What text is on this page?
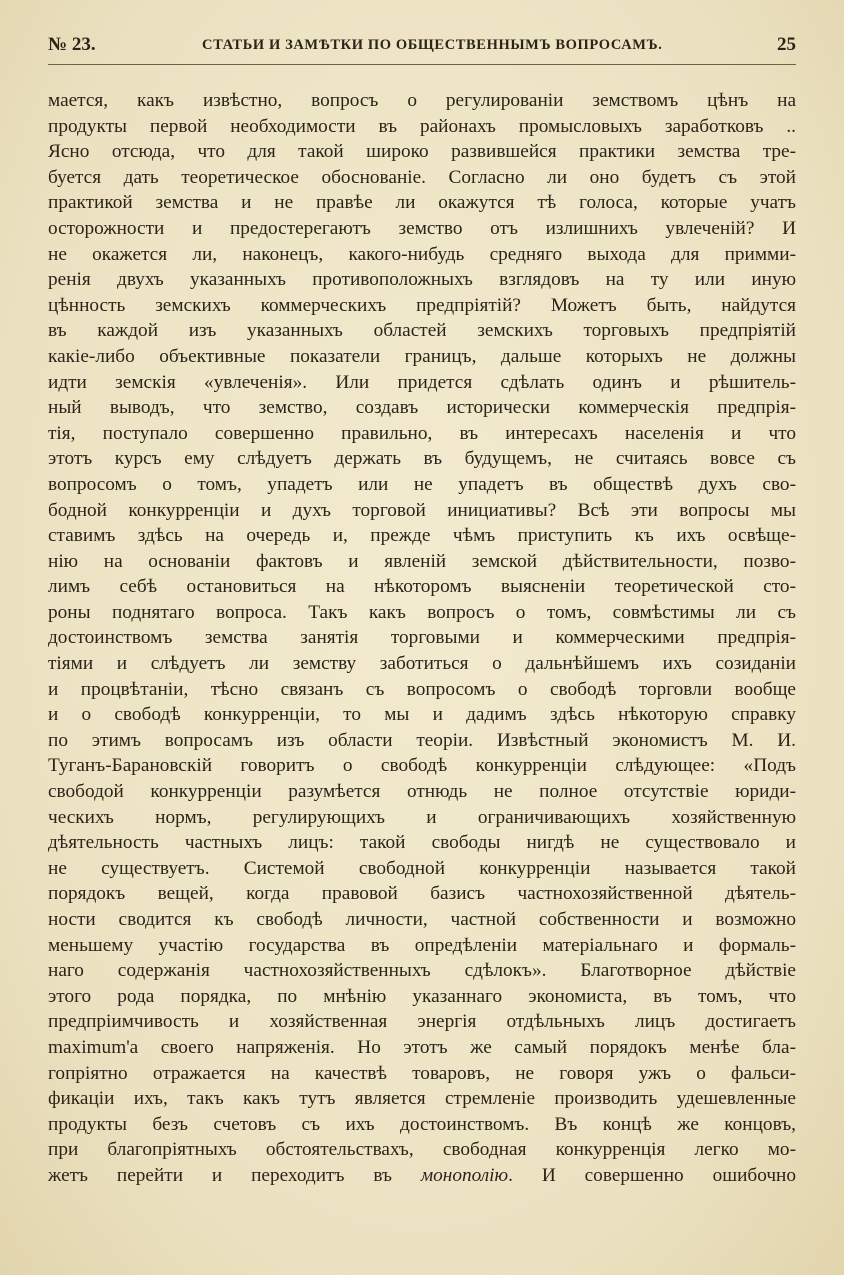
№ 23.	СТАТЬИ И ЗАМѢТКИ ПО ОБЩЕСТВЕННЫМЪ ВОПРОСАМЪ.	25
мается, какъ извѣстно, вопросъ о регулированіи земствомъ цѣнъ на
продукты первой необходимости въ районахъ промысловыхъ заработковъ ..
Ясно отсюда, что для такой широко развившейся практики земства тре-
буется дать теоретическое обоснованіе. Согласно ли оно будетъ съ этой
практикой земства и не правѣе ли окажутся тѣ голоса, которые учатъ
осторожности и предостерегаютъ земство отъ излишнихъ увлеченій? И
не окажется ли, наконецъ, какого-нибудь средняго выхода для примми-
ренія двухъ указанныхъ противоположныхъ взглядовъ на ту или иную
цѣнность земскихъ коммерческихъ предпріятій? Можетъ быть, найдутся
въ каждой изъ указанныхъ областей земскихъ торговыхъ предпріятій
какіе-либо объективные показатели границъ, дальше которыхъ не должны
идти земскія «увлеченія». Или придется сдѣлать одинъ и рѣшитель-
ный выводъ, что земство, создавъ исторически коммерческія предпрія-
тія, поступало совершенно правильно, въ интересахъ населенія и что
этотъ курсъ ему слѣдуетъ держать въ будущемъ, не считаясь вовсе съ
вопросомъ о томъ, упадетъ или не упадетъ въ обществѣ духъ сво-
бодной конкурренціи и духъ торговой инициативы? Всѣ эти вопросы мы
ставимъ здѣсь на очередь и, прежде чѣмъ приступить къ ихъ освѣще-
нію на основаніи фактовъ и явленій земской дѣйствительности, позво-
лимъ себѣ остановиться на нѣкоторомъ выясненіи теоретической сто-
роны поднятаго вопроса. Такъ какъ вопросъ о томъ, совмѣстимы ли съ
достоинствомъ земства занятія торговыми и коммерческими предпрія-
тіями и слѣдуетъ ли земству заботиться о дальнѣйшемъ ихъ созиданіи
и процвѣтаніи, тѣсно связанъ съ вопросомъ о свободѣ торговли вообще
и о свободѣ конкурренціи, то мы и дадимъ здѣсь нѣкоторую справку
по этимъ вопросамъ изъ области теоріи. Извѣстный экономистъ М. И.
Туганъ-Барановскій говоритъ о свободѣ конкурренціи слѣдующее: «Подъ
свободой конкурренціи разумѣется отнюдь не полное отсутствіе юриди-
ческихъ нормъ, регулирующихъ и ограничивающихъ хозяйственную
дѣятельность частныхъ лицъ: такой свободы нигдѣ не существовало и
не существуетъ. Системой свободной конкурренціи называется такой
порядокъ вещей, когда правовой базисъ частнохозяйственной дѣятель-
ности сводится къ свободѣ личности, частной собственности и возможно
меньшему участію государства въ опредѣленіи матеріальнаго и формаль-
наго содержанія частнохозяйственныхъ сдѣлокъ». Благотворное дѣйствіе
этого рода порядка, по мнѣнію указаннаго экономиста, въ томъ, что
предпріимчивость и хозяйственная энергія отдѣльныхъ лицъ достигаетъ
maximum'а своего напряженія. Но этотъ же самый порядокъ менѣе бла-
гопріятно отражается на качествѣ товаровъ, не говоря ужъ о фальси-
фикаціи ихъ, такъ какъ тутъ является стремленіе производить удешевленные
продукты безъ счетовъ съ ихъ достоинствомъ. Въ концѣ же концовъ,
при благопріятныхъ обстоятельствахъ, свободная конкурренція легко мо-
жетъ перейти и переходитъ въ монополію. И совершенно ошибочно
